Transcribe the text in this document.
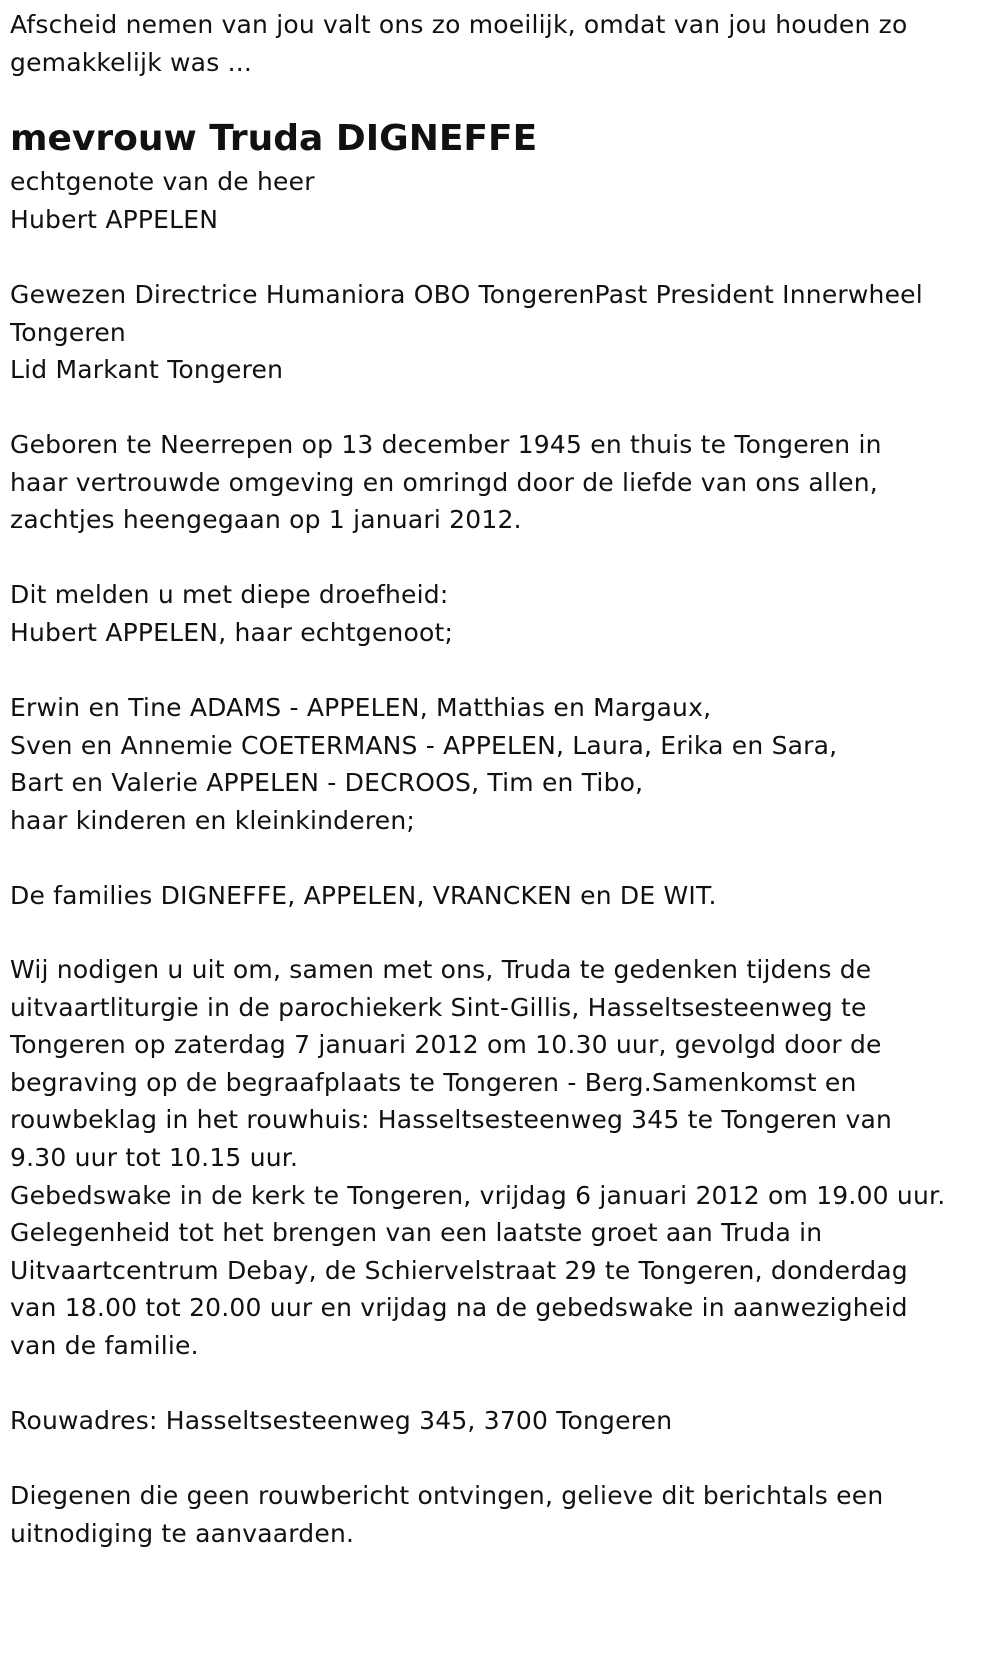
Afscheid nemen van jou valt ons zo moeilijk, omdat van jou houden zo
gemakkelijk was ...
mevrouw Truda DIGNEFFE
echtgenote van de heer
Hubert APPELEN
Gewezen Directrice Humaniora OBO TongerenPast President Innerwheel
Tongeren
Lid Markant Tongeren
Geboren te Neerrepen op 13 december 1945 en thuis te Tongeren in
haar vertrouwde omgeving en omringd door de liefde van ons allen,
zachtjes heengegaan op 1 januari 2012.
Dit melden u met diepe droefheid:
Hubert APPELEN, haar echtgenoot;
Erwin en Tine ADAMS - APPELEN, Matthias en Margaux,
Sven en Annemie COETERMANS - APPELEN, Laura, Erika en Sara,
Bart en Valerie APPELEN - DECROOS, Tim en Tibo,
haar kinderen en kleinkinderen;
De families DIGNEFFE, APPELEN, VRANCKEN en DE WIT.
Wij nodigen u uit om, samen met ons, Truda te gedenken tijdens de
uitvaartliturgie in de parochiekerk Sint-Gillis, Hasseltsesteenweg te
Tongeren op zaterdag 7 januari 2012 om 10.30 uur, gevolgd door de
begraving op de begraafplaats te Tongeren - Berg.Samenkomst en
rouwbeklag in het rouwhuis: Hasseltsesteenweg 345 te Tongeren van
9.30 uur tot 10.15 uur.
Gebedswake in de kerk te Tongeren, vrijdag 6 januari 2012 om 19.00 uur.
Gelegenheid tot het brengen van een laatste groet aan Truda in
Uitvaartcentrum Debay, de Schiervelstraat 29 te Tongeren, donderdag
van 18.00 tot 20.00 uur en vrijdag na de gebedswake in aanwezigheid
van de familie.
Rouwadres: Hasseltsesteenweg 345, 3700 Tongeren
Diegenen die geen rouwbericht ontvingen, gelieve dit berichtals een
uitnodiging te aanvaarden.
